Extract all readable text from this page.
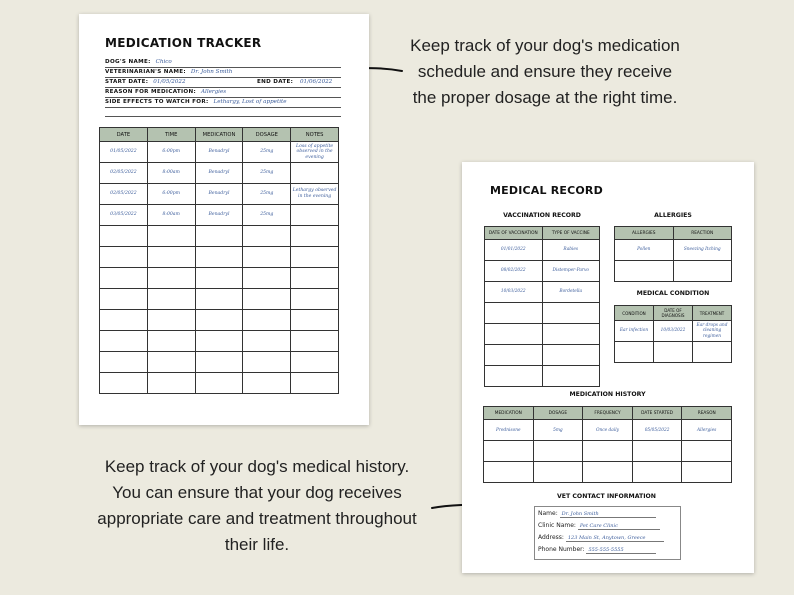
Keep track of your dog's medication schedule and ensure they receive the proper dosage at the right time.

Keep track of your dog's medical history. You can ensure that your dog receives appropriate care and treatment throughout their life.

MEDICATION TRACKER
DOG'S NAME: Chico
VETERINARIAN'S NAME: Dr. John Smith
START DATE: 01/05/2022	END DATE: 01/06/2022
REASON FOR MEDICATION: Allergies
SIDE EFFECTS TO WATCH FOR: Lethargy, Lost of appetite
DATE	TIME	MEDICATION	DOSAGE	NOTES
01/05/2022	6:00pm	Benadryl	25mg	Loss of appetite observed in the evening
02/05/2022	8:00am	Benadryl	25mg	
02/05/2022	6:00pm	Benadryl	25mg	Lethargy observed in the evening
03/05/2022	8:00am	Benadryl	25mg	

MEDICAL RECORD

VACCINATION RECORD

DATE OF VACCINATION	TYPE OF VACCINE
01/01/2022	Rabies
08/02/2022	Distemper-Parvo
10/03/2022	Bordetella

ALLERGIES

ALLERGIES	REACTION
Pollen	Sneezing Itching

MEDICAL CONDITION

CONDITION	DATE OF DIAGNOSIS	TREATMENT
Ear infection	10/03/2022	Ear drops and cleaning regimen

MEDICATION HISTORY

MEDICATION	DOSAGE	FREQUENCY	DATE STARTED	REASON
Prednisone	5mg	Once daily	05/05/2022	Allergies

VET CONTACT INFORMATION

Name: Dr. John Smith
Clinic Name: Pet Care Clinic
Address: 123 Main St, Anytown, Greece
Phone Number: 555-555-5555
